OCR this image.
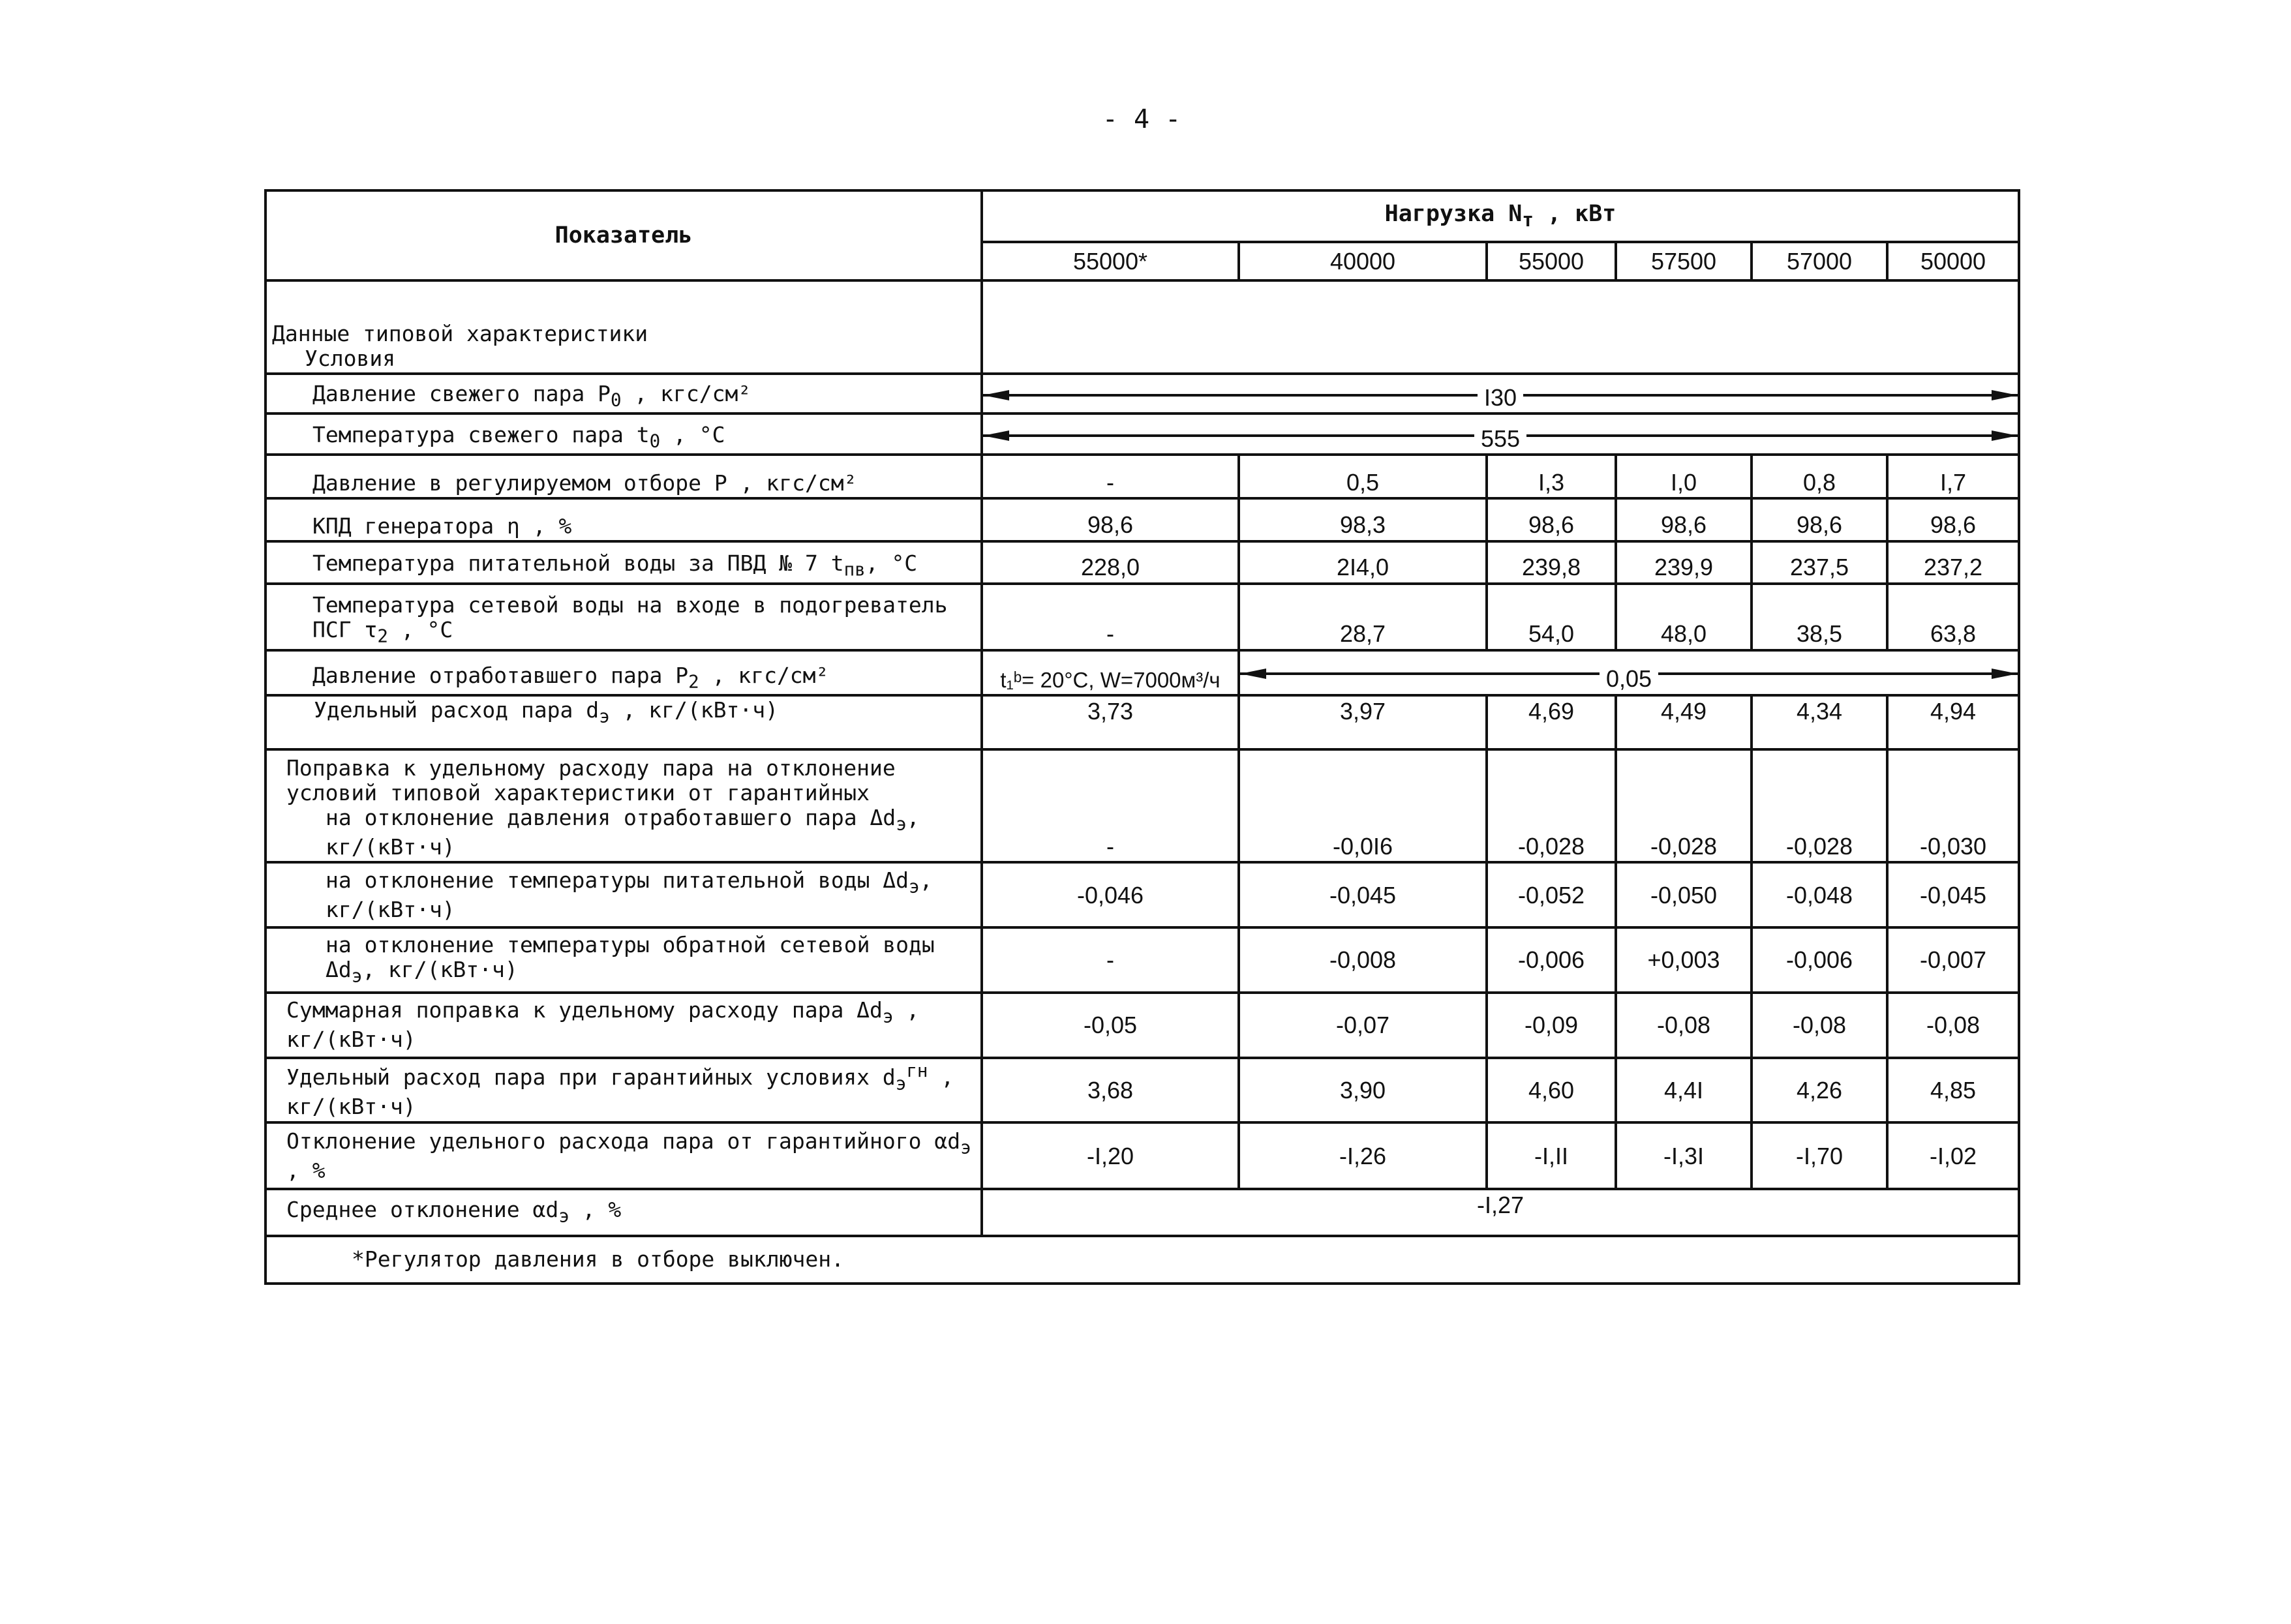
- 4 -
Показатель	Нагрузка $N_т$ , кВт					
	55000*	40000	55000	57500	57000	50000

Данные типовой характеристики
Условия						

Давление свежего пара $P_0$ , кгс/см²	I30					
Температура свежего пара $t_0$ , °C	555					
Давление в регулируемом отборе P , кгс/см²	-	0,5	I,3	I,0	0,8	I,7
КПД генератора η , %	98,6	98,3	98,6	98,6	98,6	98,6
Температура питательной воды за ПВД № 7 $t_{пв}$, °C	228,0	2I4,0	239,8	239,9	237,5	237,2
Температура сетевой воды на входе в подогреватель ПСГ $\tau_2$ , °C	-	28,7	54,0	48,0	38,5	63,8
Давление отработавшего пара $P_2$ , кгс/см²	t₁ᵇ= 20°C, W=7000м³/ч	0,05				
Удельный расход пара $d_э$ , кг/(кВт·ч)	3,73	3,97	4,69	4,49	4,34	4,94

Поправка к удельному расходу пара на отклонение условий типовой характеристики от гарантийных
на отклонение давления отработавшего пара $\Delta d_э$, кг/(кВт·ч)	-	-0,0I6	-0,028	-0,028	-0,028	-0,030
на отклонение температуры питательной воды $\Delta d_э$, кг/(кВт·ч)	-0,046	-0,045	-0,052	-0,050	-0,048	-0,045
на отклонение температуры обратной сетевой воды $\Delta d_э$, кг/(кВт·ч)	-	-0,008	-0,006	+0,003	-0,006	-0,007
Суммарная поправка к удельному расходу пара $\Delta d_э$ , кг/(кВт·ч)	-0,05	-0,07	-0,09	-0,08	-0,08	-0,08
Удельный расход пара при гарантийных условиях $d_э^{гн}$ , кг/(кВт·ч)	3,68	3,90	4,60	4,4I	4,26	4,85
Отклонение удельного расхода пара от гарантийного $\alpha d_э$ , %	-I,20	-I,26	-I,II	-I,3I	-I,70	-I,02
Среднее отклонение $\alpha d_э$ , %	-I,27					
*Регулятор давления в отборе выключен.						
